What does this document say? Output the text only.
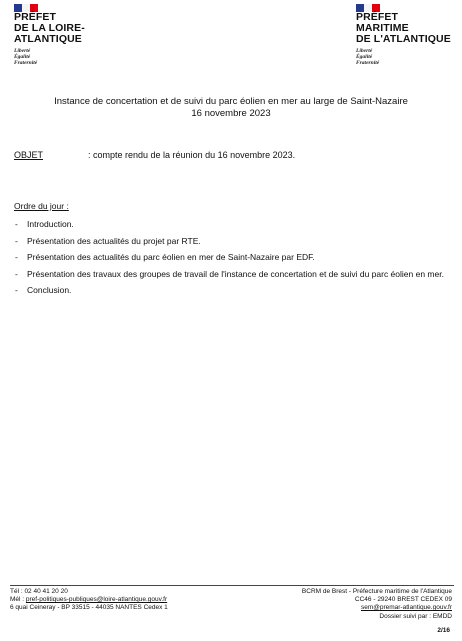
PRÉFET
DE LA LOIRE-
ATLANTIQUE
Liberté
Égalité
Fraternité
PRÉFET
MARITIME
DE L'ATLANTIQUE
Liberté
Égalité
Fraternité
Instance de concertation et de suivi du parc éolien en mer au large de Saint-Nazaire
16 novembre 2023
OBJET	: compte rendu de la réunion du 16 novembre 2023.
Ordre du jour :
- Introduction.
- Présentation des actualités du projet par RTE.
- Présentation des actualités du parc éolien en mer de Saint-Nazaire par EDF.
- Présentation des travaux des groupes de travail de l'instance de concertation et de suivi du parc éolien en mer.
- Conclusion.
Tél : 02 40 41 20 20
Mél : pref-politiques-publiques@loire-atlantique.gouv.fr
6 quai Ceineray - BP 33515 - 44035 NANTES Cedex 1
BCRM de Brest - Préfecture maritime de l'Atlantique
CC46 - 29240 BREST CEDEX 09
sem@premar-atlantique.gouv.fr
Dossier suivi par : EMDD
2/16
